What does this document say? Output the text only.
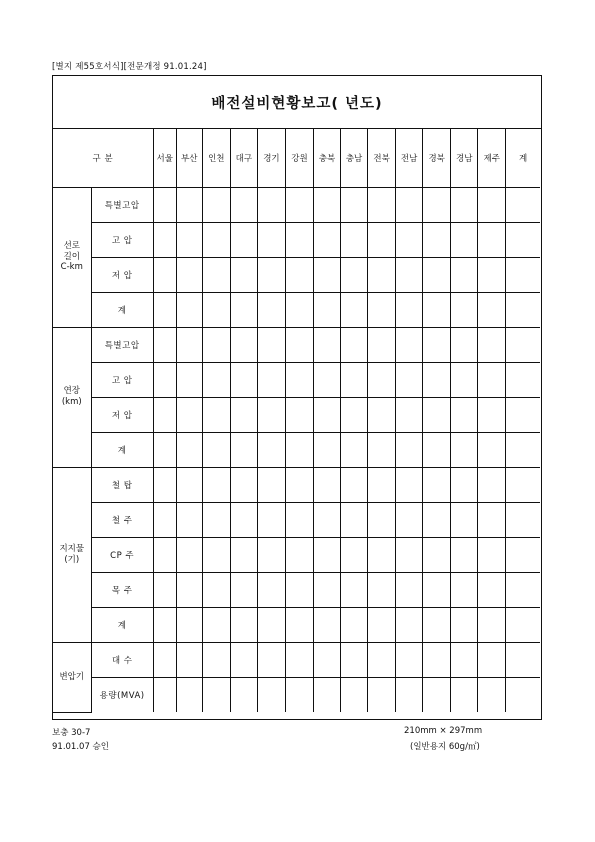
[별지 제55호서식][전문개정 91.01.24]
배전설비현황보고( 년도)
구 분		서울	부산	인천	대구	경기	강원	충북	충남	전북	전남	경북	경남	제주	계

선로
길이
C-km	특별고압														
	고 압														
	저 압														
	계														

연장
(km)	특별고압														
	고 압														
	저 압														
	계														

지지물
(기)	철 탑														
	철 주														
	CP 주														
	목 주														
	계														

변압기	대 수														
	용량(MVA)														
보충 30-7
91.01.07 승인
210mm × 297mm
(일반용지 60g/㎡)
